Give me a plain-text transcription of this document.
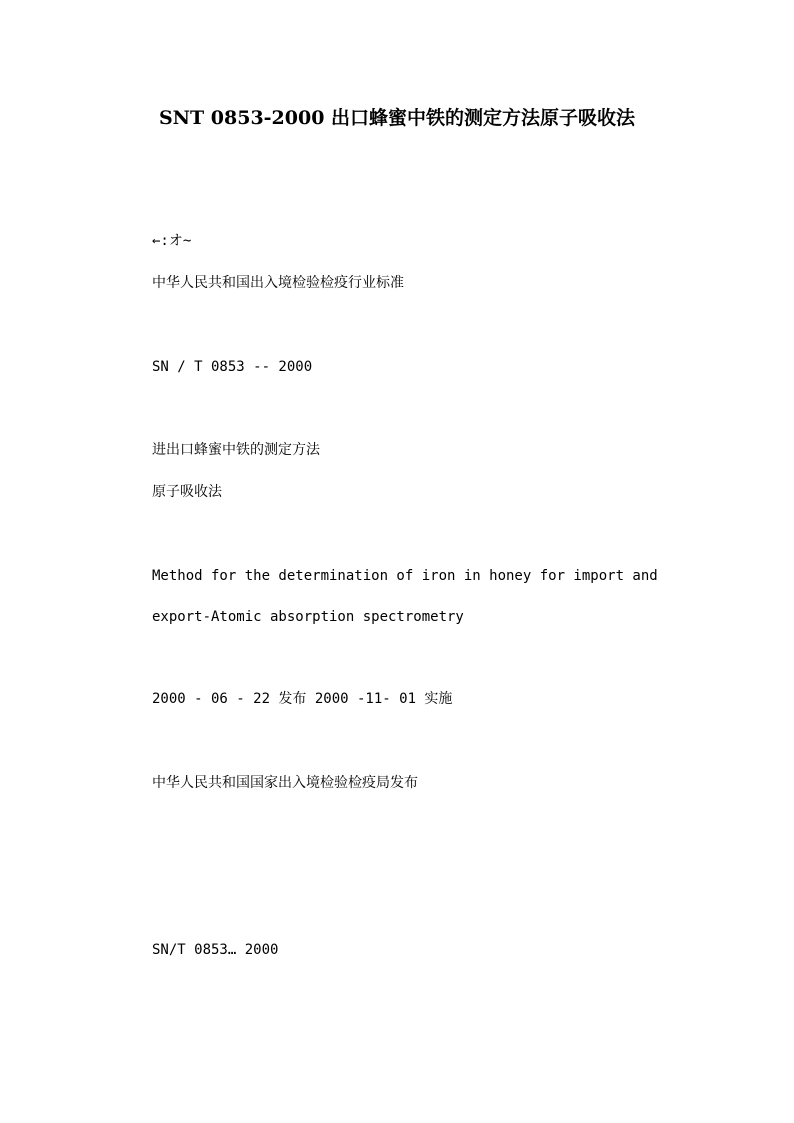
SNT 0853-2000 出口蜂蜜中铁的测定方法原子吸收法
←:オ~
中华人民共和国出入境检验检疫行业标准
SN / T 0853 -- 2000
进出口蜂蜜中铁的测定方法
原子吸收法
Method for the determination of iron in honey for import and
export-Atomic absorption spectrometry
2000 - 06 - 22 发布 2000 -11- 01 实施
中华人民共和国国家出入境检验检疫局发布
SN/T 0853… 2000
